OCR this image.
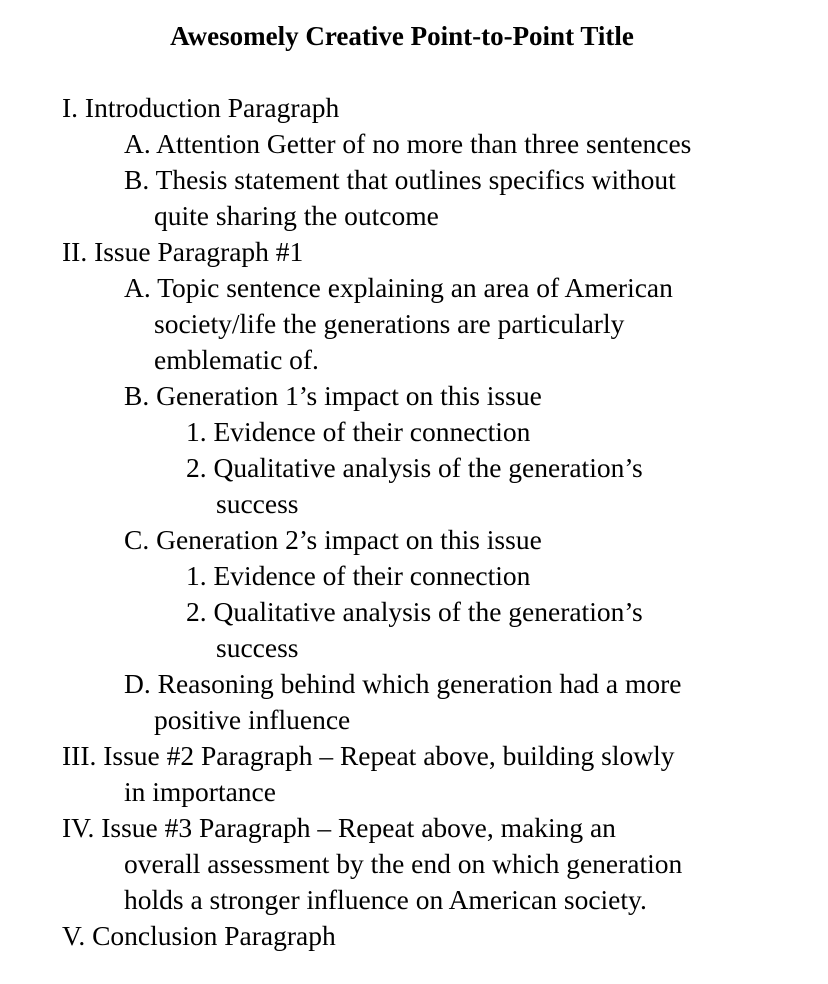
Awesomely Creative Point-to-Point Title
I. Introduction Paragraph
A. Attention Getter of no more than three sentences
B. Thesis statement that outlines specifics without
quite sharing the outcome
II. Issue Paragraph #1
A. Topic sentence explaining an area of American
society/life the generations are particularly
emblematic of.
B. Generation 1’s impact on this issue
1. Evidence of their connection
2. Qualitative analysis of the generation’s
success
C. Generation 2’s impact on this issue
1. Evidence of their connection
2. Qualitative analysis of the generation’s
success
D. Reasoning behind which generation had a more
positive influence
III. Issue #2 Paragraph – Repeat above, building slowly
in importance
IV. Issue #3 Paragraph – Repeat above, making an
overall assessment by the end on which generation
holds a stronger influence on American society.
V. Conclusion Paragraph
